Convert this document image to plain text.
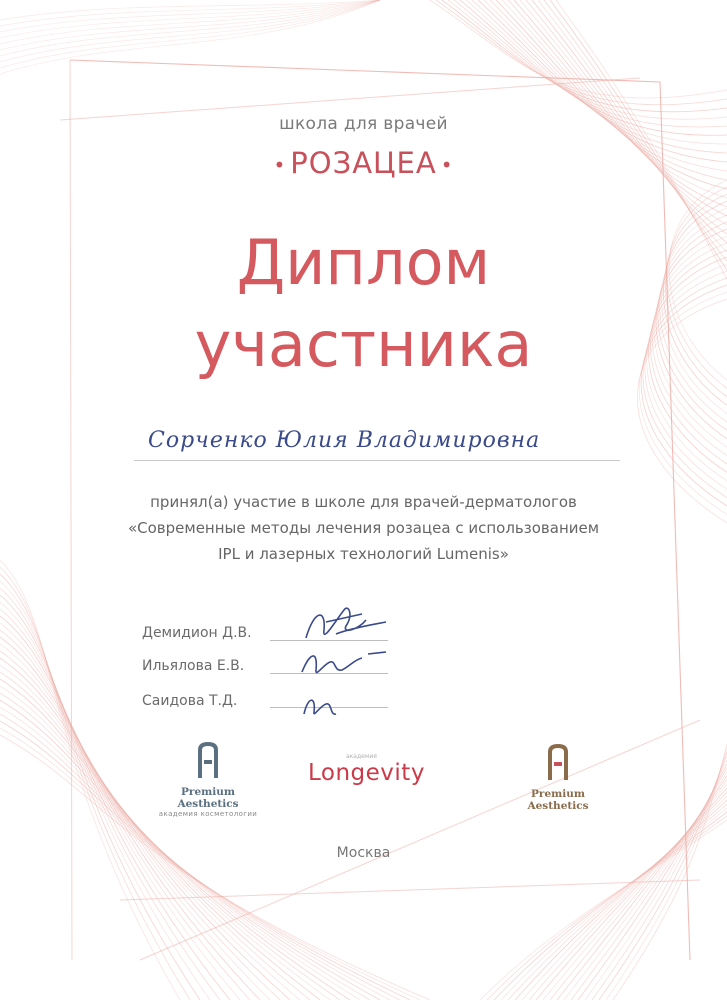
школа для врачей
• РОЗАЦЕА •
Диплом
участника
Сорченко Юлия Владимировна
принял(а) участие в школе для врачей-дерматологов
«Современные методы лечения розацеа с использованием
IPL и лазерных технологий Lumenis»
Демидион Д.В.
Ильялова Е.В.
Саидова Т.Д.
Premium Aesthetics
академия косметологии
академия
Longevity
Premium Aesthetics
Москва
